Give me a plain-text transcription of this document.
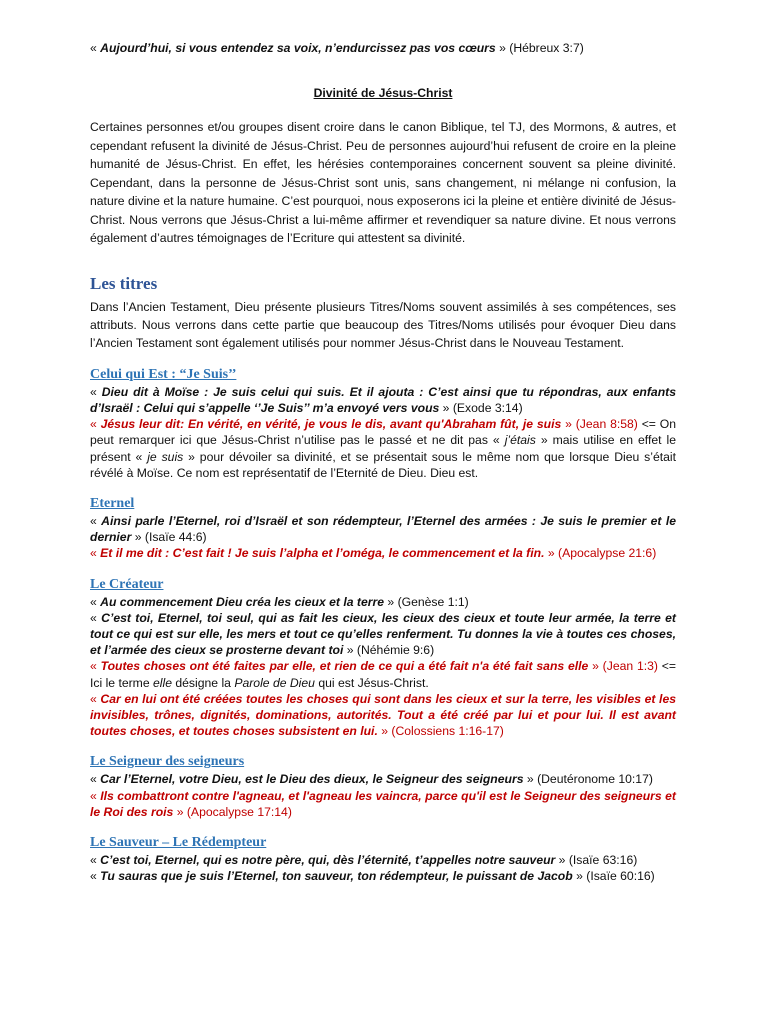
« Aujourd’hui, si vous entendez sa voix, n’endurcissez pas vos cœurs » (Hébreux 3:7)

Divinité de Jésus-Christ

Certaines personnes et/ou groupes disent croire dans le canon Biblique, tel TJ, des Mormons, & autres, et cependant refusent la divinité de Jésus-Christ. Peu de personnes aujourd’hui refusent de croire en la pleine humanité de Jésus-Christ. En effet, les hérésies contemporaines concernent souvent sa pleine divinité. Cependant, dans la personne de Jésus-Christ sont unis, sans changement, ni mélange ni confusion, la nature divine et la nature humaine. C’est pourquoi, nous exposerons ici la pleine et entière divinité de Jésus-Christ. Nous verrons que Jésus-Christ a lui-même affirmer et revendiquer sa nature divine. Et nous verrons également d’autres témoignages de l’Ecriture qui attestent sa divinité.

Les titres

Dans l’Ancien Testament, Dieu présente plusieurs Titres/Noms souvent assimilés à ses compétences, ses attributs. Nous verrons dans cette partie que beaucoup des Titres/Noms utilisés pour évoquer Dieu dans l’Ancien Testament sont également utilisés pour nommer Jésus-Christ dans le Nouveau Testament.

Celui qui Est : “Je Suis’’

« Dieu dit à Moïse : Je suis celui qui suis. Et il ajouta : C’est ainsi que tu répondras, aux enfants d’Israël : Celui qui s’appelle ‘’Je Suis’’ m’a envoyé vers vous » (Exode 3:14)

« Jésus leur dit: En vérité, en vérité, je vous le dis, avant qu'Abraham fût, je suis » (Jean 8:58) <= On peut remarquer ici que Jésus-Christ n’utilise pas le passé et ne dit pas « j’étais » mais utilise en effet le présent « je suis » pour dévoiler sa divinité, et se présentait sous le même nom que lorsque Dieu s’était révélé à Moïse. Ce nom est représentatif de l’Eternité de Dieu. Dieu est.

Eternel

« Ainsi parle l’Eternel, roi d’Israël et son rédempteur, l’Eternel des armées : Je suis le premier et le dernier » (Isaïe 44:6)

« Et il me dit : C’est fait ! Je suis l’alpha et l’oméga, le commencement et la fin. » (Apocalypse 21:6)

Le Créateur

« Au commencement Dieu créa les cieux et la terre » (Genèse 1:1)

« C’est toi, Eternel, toi seul, qui as fait les cieux, les cieux des cieux et toute leur armée, la terre et tout ce qui est sur elle, les mers et tout ce qu’elles renferment. Tu donnes la vie à toutes ces choses, et l’armée des cieux se prosterne devant toi » (Néhémie 9:6)

« Toutes choses ont été faites par elle, et rien de ce qui a été fait n'a été fait sans elle » (Jean 1:3) <= Ici le terme elle désigne la Parole de Dieu qui est Jésus-Christ.

« Car en lui ont été créées toutes les choses qui sont dans les cieux et sur la terre, les visibles et les invisibles, trônes, dignités, dominations, autorités. Tout a été créé par lui et pour lui. Il est avant toutes choses, et toutes choses subsistent en lui. » (Colossiens 1:16-17)

Le Seigneur des seigneurs

« Car l’Eternel, votre Dieu, est le Dieu des dieux, le Seigneur des seigneurs » (Deutéronome 10:17)

« Ils combattront contre l'agneau, et l'agneau les vaincra, parce qu'il est le Seigneur des seigneurs et le Roi des rois » (Apocalypse 17:14)

Le Sauveur – Le Rédempteur

« C’est toi, Eternel, qui es notre père, qui, dès l’éternité, t’appelles notre sauveur » (Isaïe 63:16)

« Tu sauras que je suis l’Eternel, ton sauveur, ton rédempteur, le puissant de Jacob » (Isaïe 60:16)
